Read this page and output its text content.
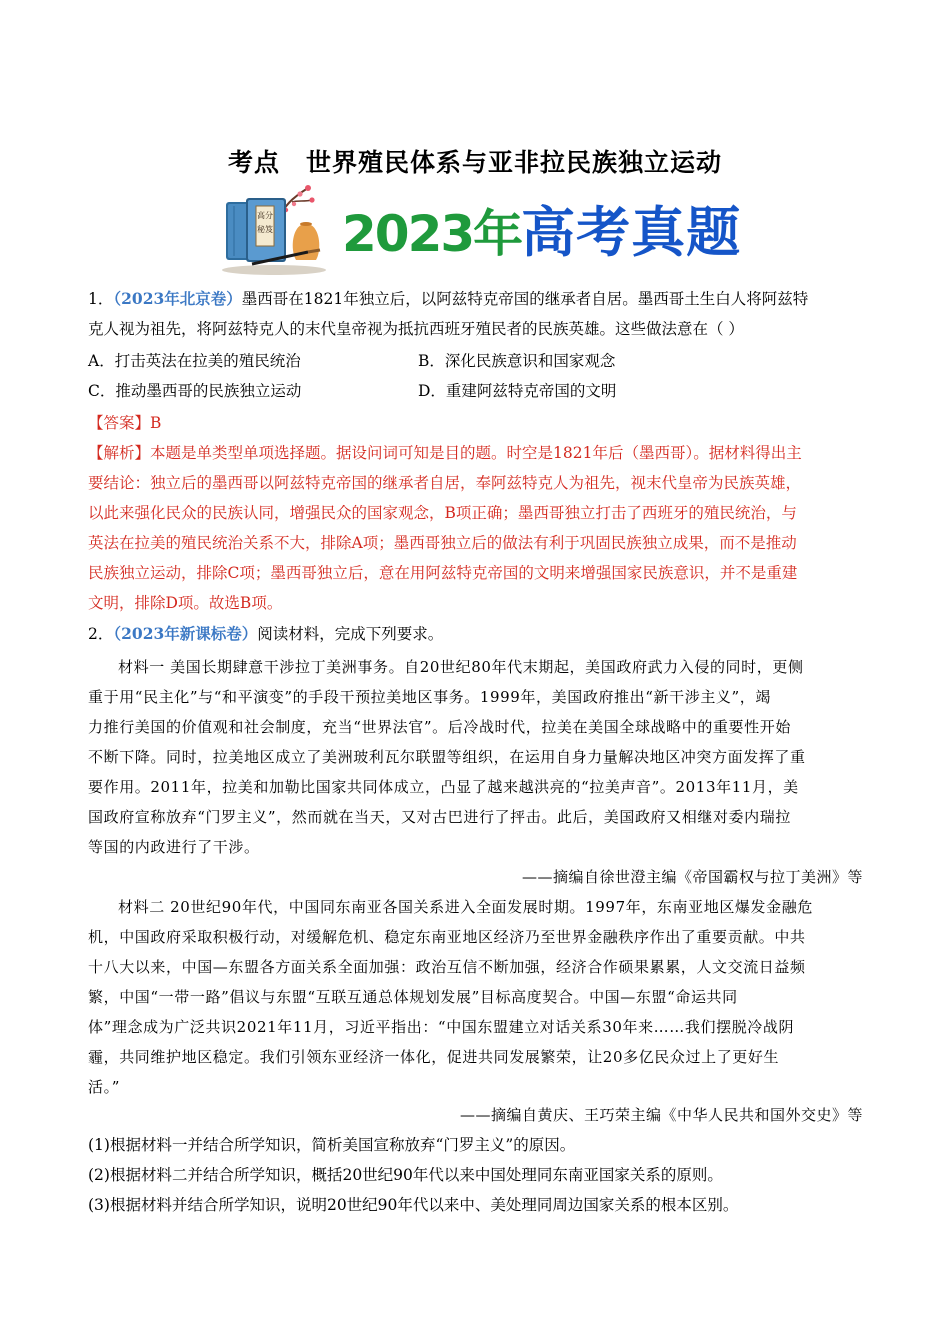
考点 世界殖民体系与亚非拉民族独立运动
高分
秘笈 2023年高考真题
1．（2023年北京卷）墨西哥在1821年独立后，以阿兹特克帝国的继承者自居。墨西哥土生白人将阿兹特
克人视为祖先，将阿兹特克人的末代皇帝视为抵抗西班牙殖民者的民族英雄。这些做法意在（ ）
A．打击英法在拉美的殖民统治	B．深化民族意识和国家观念
C．推动墨西哥的民族独立运动	D．重建阿兹特克帝国的文明
【答案】B
【解析】本题是单类型单项选择题。据设问词可知是目的题。时空是1821年后（墨西哥）。据材料得出主
要结论：独立后的墨西哥以阿兹特克帝国的继承者自居，奉阿兹特克人为祖先，视末代皇帝为民族英雄，
以此来强化民众的民族认同，增强民众的国家观念，B项正确；墨西哥独立打击了西班牙的殖民统治，与
英法在拉美的殖民统治关系不大，排除A项；墨西哥独立后的做法有利于巩固民族独立成果，而不是推动
民族独立运动，排除C项；墨西哥独立后，意在用阿兹特克帝国的文明来增强国家民族意识，并不是重建
文明，排除D项。故选B项。
2．（2023年新课标卷）阅读材料，完成下列要求。
材料一 美国长期肆意干涉拉丁美洲事务。自20世纪80年代末期起，美国政府武力入侵的同时，更侧
重于用“民主化”与“和平演变”的手段干预拉美地区事务。1999年，美国政府推出“新干涉主义”，竭
力推行美国的价值观和社会制度，充当“世界法官”。后冷战时代，拉美在美国全球战略中的重要性开始
不断下降。同时，拉美地区成立了美洲玻利瓦尔联盟等组织，在运用自身力量解决地区冲突方面发挥了重
要作用。2011年，拉美和加勒比国家共同体成立，凸显了越来越洪亮的“拉美声音”。2013年11月，美
国政府宣称放弃“门罗主义”，然而就在当天，又对古巴进行了抨击。此后，美国政府又相继对委内瑞拉
等国的内政进行了干涉。
——摘编自徐世澄主编《帝国霸权与拉丁美洲》等
材料二 20世纪90年代，中国同东南亚各国关系进入全面发展时期。1997年，东南亚地区爆发金融危
机，中国政府采取积极行动，对缓解危机、稳定东南亚地区经济乃至世界金融秩序作出了重要贡献。中共
十八大以来，中国—东盟各方面关系全面加强：政治互信不断加强，经济合作硕果累累，人文交流日益频
繁，中国“一带一路”倡议与东盟“互联互通总体规划发展”目标高度契合。中国—东盟“命运共同
体”理念成为广泛共识2021年11月，习近平指出：“中国东盟建立对话关系30年来……我们摆脱冷战阴
霾，共同维护地区稳定。我们引领东亚经济一体化，促进共同发展繁荣，让20多亿民众过上了更好生
活。”
——摘编自黄庆、王巧荣主编《中华人民共和国外交史》等
(1)根据材料一并结合所学知识，简析美国宣称放弃“门罗主义”的原因。
(2)根据材料二并结合所学知识，概括20世纪90年代以来中国处理同东南亚国家关系的原则。
(3)根据材料并结合所学知识，说明20世纪90年代以来中、美处理同周边国家关系的根本区别。
